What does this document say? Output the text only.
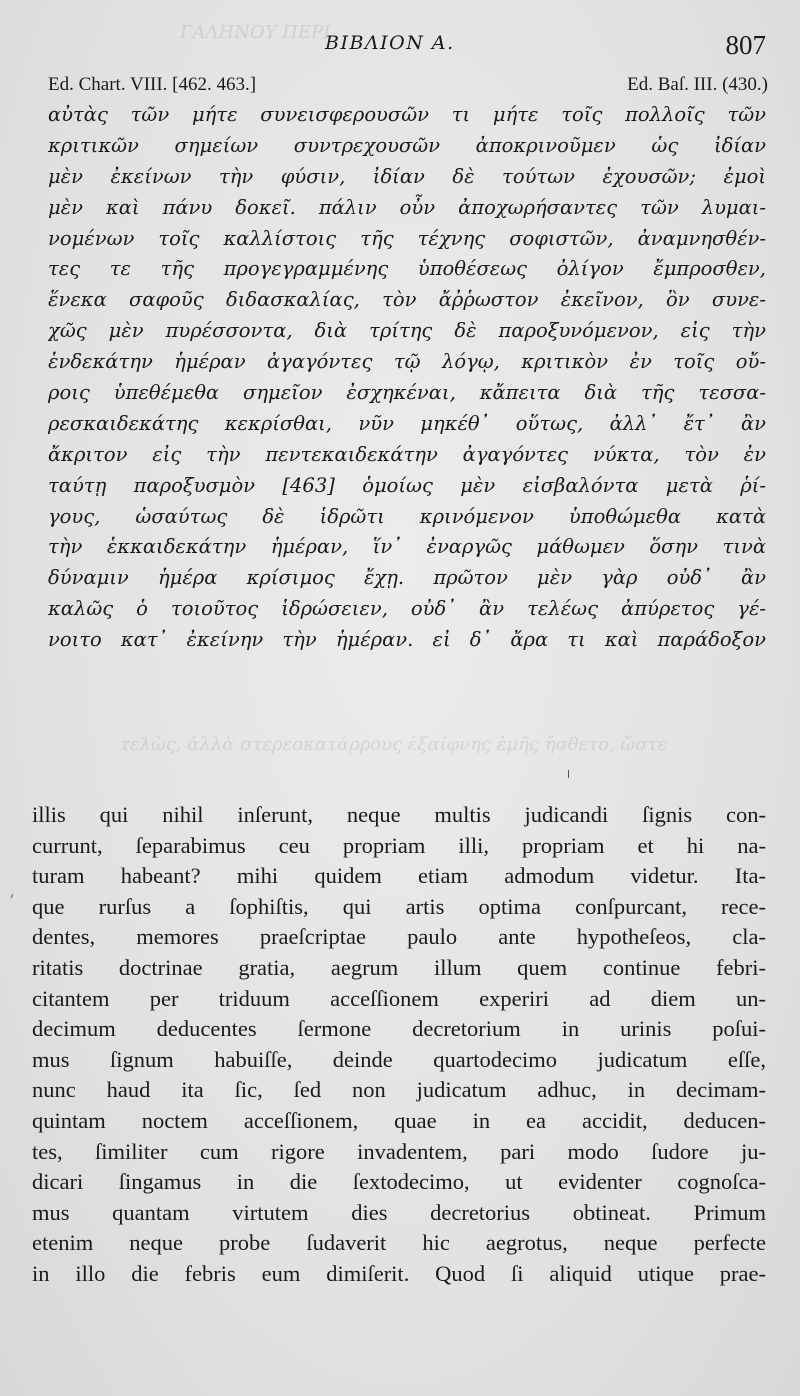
ΓΑΛΗΝΟΥ ΠΕΡΙ
τελὼς, ἀλλὰ στερεοκατάρρους ἐξαίφνης ἐμῆς ἤσθετο, ὥστε
ΒΙΒΛΙΟΝ Α.	807
Ed. Chart. VIII. [462. 463.]	Ed. Baſ. III. (430.)
αὐτὰς τῶν μήτε συνεισφερουσῶν τι μήτε τοῖς πολλοῖς τῶν
κριτικῶν σημείων συντρεχουσῶν ἀποκρινοῦμεν ὡς ἰδίαν
μὲν ἐκείνων τὴν φύσιν, ἰδίαν δὲ τούτων ἐχουσῶν; ἐμοὶ
μὲν καὶ πάνυ δοκεῖ. πάλιν οὖν ἀποχωρήσαντες τῶν λυμαι-
νομένων τοῖς καλλίστοις τῆς τέχνης σοφιστῶν, ἀναμνησθέν-
τες τε τῆς προγεγραμμένης ὑποθέσεως ὀλίγον ἔμπροσθεν,
ἕνεκα σαφοῦς διδασκαλίας, τὸν ἄῤῥωστον ἐκεῖνον, ὃν συνε-
χῶς μὲν πυρέσσοντα, διὰ τρίτης δὲ παροξυνόμενον, εἰς τὴν
ἑνδεκάτην ἡμέραν ἀγαγόντες τῷ λόγῳ, κριτικὸν ἐν τοῖς οὔ-
ροις ὑπεθέμεθα σημεῖον ἐσχηκέναι, κἄπειτα διὰ τῆς τεσσα-
ρεσκαιδεκάτης κεκρίσθαι, νῦν μηκέθ᾽ οὕτως, ἀλλ᾽ ἔτ᾽ ἂν
ἄκριτον εἰς τὴν πεντεκαιδεκάτην ἀγαγόντες νύκτα, τὸν ἐν
ταύτῃ παροξυσμὸν [463] ὁμοίως μὲν εἰσβαλόντα μετὰ ῥί-
γους, ὡσαύτως δὲ ἱδρῶτι κρινόμενον ὑποθώμεθα κατὰ
τὴν ἑκκαιδεκάτην ἡμέραν, ἵν᾽ ἐναργῶς μάθωμεν ὅσην τινὰ
δύναμιν ἡμέρα κρίσιμος ἔχῃ. πρῶτον μὲν γὰρ οὐδ᾽ ἂν
καλῶς ὁ τοιοῦτος ἱδρώσειεν, οὐδ᾽ ἂν τελέως ἀπύρετος γέ-
νοιτο κατ᾽ ἐκείνην τὴν ἡμέραν. εἰ δ᾽ ἄρα τι καὶ παράδοξον
,
illis qui nihil inſerunt, neque multis judicandi ſignis con-
currunt, ſeparabimus ceu propriam illi, propriam et hi na-
turam habeant? mihi quidem etiam admodum videtur. Ita-
que rurſus a ſophiſtis, qui artis optima conſpurcant, rece-
dentes, memores praeſcriptae paulo ante hypotheſeos, cla-
ritatis doctrinae gratia, aegrum illum quem continue febri-
citantem per triduum acceſſionem experiri ad diem un-
decimum deducentes ſermone decretorium in urinis poſui-
mus ſignum habuiſſe, deinde quartodecimo judicatum eſſe,
nunc haud ita ſic, ſed non judicatum adhuc, in decimam-
quintam noctem acceſſionem, quae in ea accidit, deducen-
tes, ſimiliter cum rigore invadentem, pari modo ſudore ju-
dicari ſingamus in die ſextodecimo, ut evidenter cognoſca-
mus quantam virtutem dies decretorius obtineat. Primum
etenim neque probe ſudaverit hic aegrotus, neque perfecte
in illo die febris eum dimiſerit. Quod ſi aliquid utique prae-
